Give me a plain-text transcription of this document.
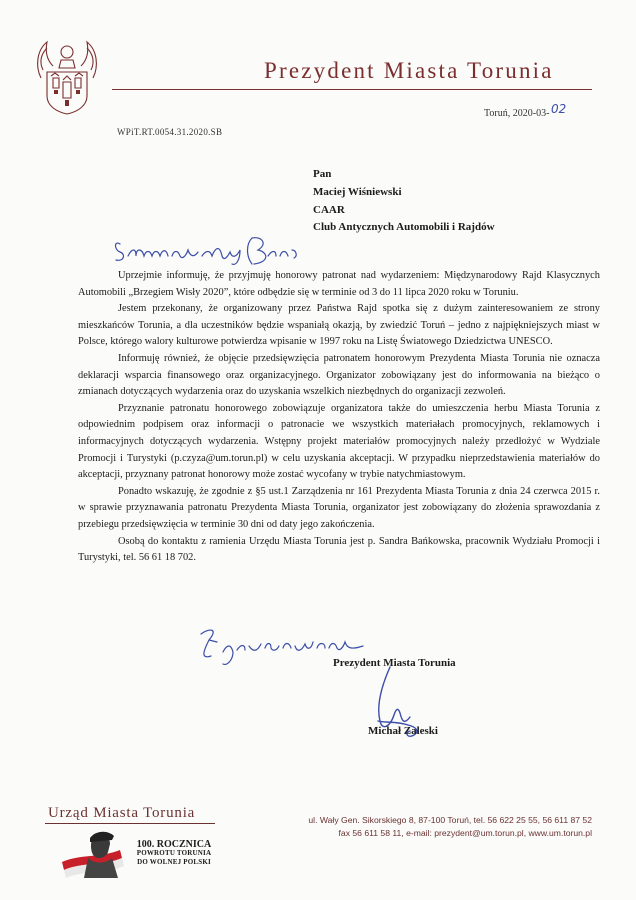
Prezydent Miasta Torunia
Toruń, 2020-03- 02
WPiT.RT.0054.31.2020.SB
Pan
Maciej Wiśniewski
CAAR
Club Antycznych Automobili i Rajdów

Uprzejmie informuję, że przyjmuję honorowy patronat nad wydarzeniem: Międzynarodowy Rajd Klasycznych Automobili „Brzegiem Wisły 2020”, które odbędzie się w terminie od 3 do 11 lipca 2020 roku w Toruniu.

Jestem przekonany, że organizowany przez Państwa Rajd spotka się z dużym zainteresowaniem ze strony mieszkańców Torunia, a dla uczestników będzie wspaniałą okazją, by zwiedzić Toruń – jedno z najpiękniejszych miast w Polsce, którego walory kulturowe potwierdza wpisanie w 1997 roku na Listę Światowego Dziedzictwa UNESCO.

Informuję również, że objęcie przedsięwzięcia patronatem honorowym Prezydenta Miasta Torunia nie oznacza deklaracji wsparcia finansowego oraz organizacyjnego. Organizator zobowiązany jest do informowania na bieżąco o zmianach dotyczących wydarzenia oraz do uzyskania wszelkich niezbędnych do organizacji zezwoleń.

Przyznanie patronatu honorowego zobowiązuje organizatora także do umieszczenia herbu Miasta Torunia z odpowiednim podpisem oraz informacji o patronacie we wszystkich materiałach promocyjnych, reklamowych i informacyjnych dotyczących wydarzenia. Wstępny projekt materiałów promocyjnych należy przedłożyć w Wydziale Promocji i Turystyki (p.czyza@um.torun.pl) w celu uzyskania akceptacji. W przypadku nieprzedstawienia materiałów do akceptacji, przyznany patronat honorowy może zostać wycofany w trybie natychmiastowym.

Ponadto wskazuję, że zgodnie z §5 ust.1 Zarządzenia nr 161 Prezydenta Miasta Torunia z dnia 24 czerwca 2015 r. w sprawie przyznawania patronatu Prezydenta Miasta Torunia, organizator jest zobowiązany do złożenia sprawozdania z przebiegu przedsięwzięcia w terminie 30 dni od daty jego zakończenia.

Osobą do kontaktu z ramienia Urzędu Miasta Torunia jest p. Sandra Bańkowska, pracownik Wydziału Promocji i Turystyki, tel. 56 61 18 702.

Prezydent Miasta Torunia
Michał Zaleski
Urząd Miasta Torunia
100. ROCZNICA
POWROTU TORUNIA
DO WOLNEJ POLSKI
ul. Wały Gen. Sikorskiego 8, 87-100 Toruń, tel. 56 622 25 55, 56 611 87 52
fax 56 611 58 11, e-mail: prezydent@um.torun.pl, www.um.torun.pl
